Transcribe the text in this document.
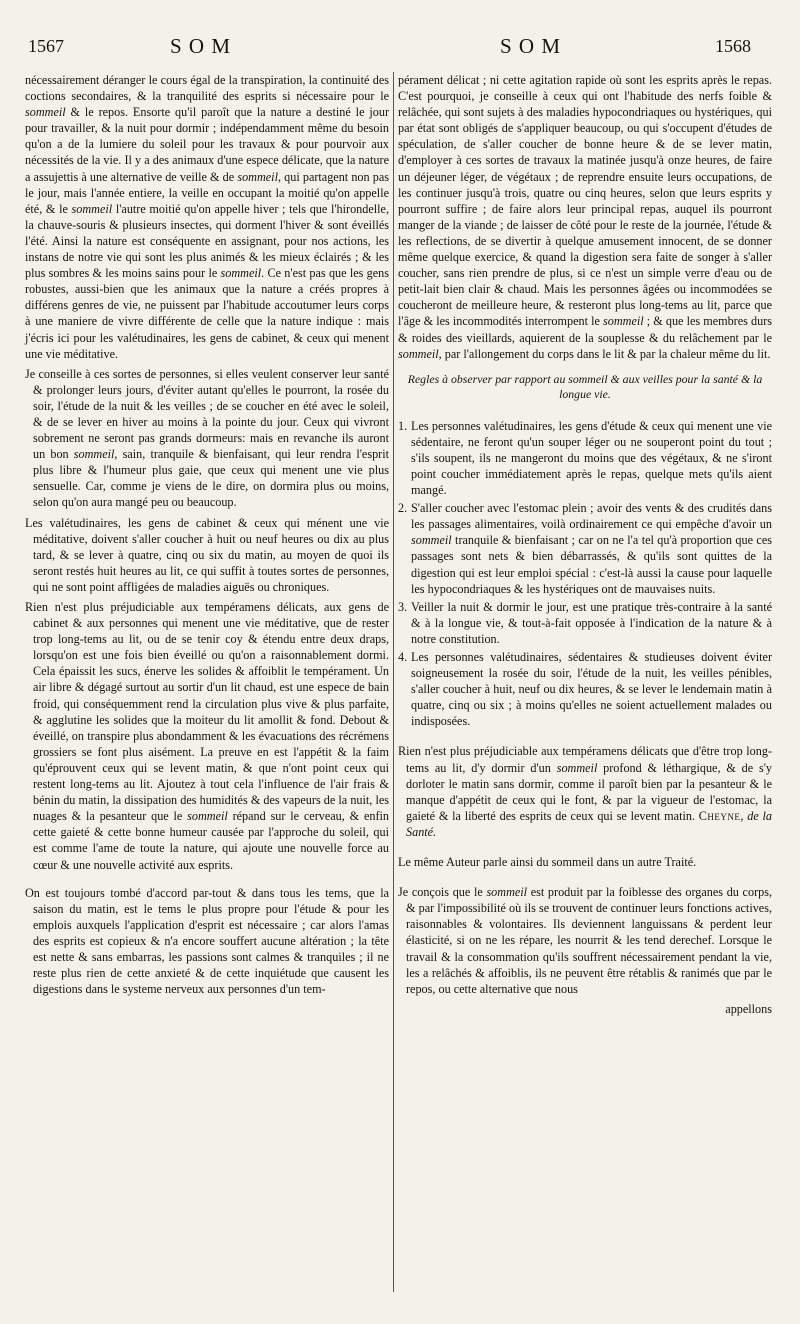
1567	S O M	S O M	1568

nécessairement déranger le cours égal de la transpiration, la continuité des coctions secondaires, & la tranquilité des esprits si nécessaire pour le sommeil & le repos. Ensorte qu'il paroît que la nature a destiné le jour pour travailler, & la nuit pour dormir ; indépendamment même du besoin qu'on a de la lumiere du soleil pour les travaux & pour pourvoir aux nécessités de la vie. Il y a des animaux d'une espece délicate, que la nature a assujettis à une alternative de veille & de sommeil, qui partagent non pas le jour, mais l'année entiere, la veille en occupant la moitié qu'on appelle été, & le sommeil l'autre moitié qu'on appelle hiver ; tels que l'hirondelle, la chauve-souris & plusieurs insectes, qui dorment l'hiver & sont éveillés l'été. Ainsi la nature est conséquente en assignant, pour nos actions, les instans de notre vie qui sont les plus animés & les mieux éclairés ; & les plus sombres & les moins sains pour le sommeil. Ce n'est pas que les gens robustes, aussi-bien que les animaux que la nature a créés propres à différens genres de vie, ne puissent par l'habitude accoutumer leurs corps à une maniere de vivre différente de celle que la nature indique : mais j'écris ici pour les valétudinaires, les gens de cabinet, & ceux qui menent une vie méditative.

Je conseille à ces sortes de personnes, si elles veulent conserver leur santé & prolonger leurs jours, d'éviter autant qu'elles le pourront, la rosée du soir, l'étude de la nuit & les veilles ; de se coucher en été avec le soleil, & de se lever en hiver au moins à la pointe du jour. Ceux qui vivront sobrement ne seront pas grands dormeurs: mais en revanche ils auront un bon sommeil, sain, tranquile & bienfaisant, qui leur rendra l'esprit plus libre & l'humeur plus gaie, que ceux qui menent une vie plus sensuelle. Car, comme je viens de le dire, on dormira plus ou moins, selon qu'on aura mangé peu ou beaucoup.

Les valétudinaires, les gens de cabinet & ceux qui ménent une vie méditative, doivent s'aller coucher à huit ou neuf heures ou dix au plus tard, & se lever à quatre, cinq ou six du matin, au moyen de quoi ils seront restés huit heures au lit, ce qui suffit à toutes sortes de personnes, qui ne sont point affligées de maladies aiguës ou chroniques.

Rien n'est plus préjudiciable aux tempéramens délicats, aux gens de cabinet & aux personnes qui menent une vie méditative, que de rester trop long-tems au lit, ou de se tenir coy & étendu entre deux draps, lorsqu'on est une fois bien éveillé ou qu'on a raisonnablement dormi. Cela épaissit les sucs, énerve les solides & affoiblit le tempérament. Un air libre & dégagé surtout au sortir d'un lit chaud, est une espece de bain froid, qui conséquemment rend la circulation plus vive & plus parfaite, & agglutine les solides que la moiteur du lit amollit & fond. Debout & éveillé, on transpire plus abondamment & les évacuations des récrémens grossiers se font plus aisément. La preuve en est l'appétit & la faim qu'éprouvent ceux qui se levent matin, & que n'ont point ceux qui restent long-tems au lit. Ajoutez à tout cela l'influence de l'air frais & bénin du matin, la dissipation des humidités & des vapeurs de la nuit, les nuages & la pesanteur que le sommeil répand sur le cerveau, & enfin cette gaieté & cette bonne humeur causée par l'approche du soleil, qui est comme l'ame de toute la nature, qui ajoute une nouvelle force au cœur & une nouvelle activité aux esprits.

On est toujours tombé d'accord par-tout & dans tous les tems, que la saison du matin, est le tems le plus propre pour l'étude & pour les emplois auxquels l'application d'esprit est nécessaire ; car alors l'amas des esprits est copieux & n'a encore souffert aucune altération ; la tête est nette & sans embarras, les passions sont calmes & tranquiles ; il ne reste plus rien de cette anxieté & de cette inquiétude que causent les digestions dans le systeme nerveux aux personnes d'un tem-

pérament délicat ; ni cette agitation rapide où sont les esprits après le repas. C'est pourquoi, je conseille à ceux qui ont l'habitude des nerfs foible & relâchée, qui sont sujets à des maladies hypocondriaques ou hystériques, qui par état sont obligés de s'appliquer beaucoup, ou qui s'occupent d'études de spéculation, de s'aller coucher de bonne heure & de se lever matin, d'employer à ces sortes de travaux la matinée jusqu'à onze heures, de faire un déjeuner léger, de végétaux ; de reprendre ensuite leurs occupations, de les continuer jusqu'à trois, quatre ou cinq heures, selon que leurs esprits y pourront suffire ; de faire alors leur principal repas, auquel ils pourront manger de la viande ; de laisser de côté pour le reste de la journée, l'étude & les reflections, de se divertir à quelque amusement innocent, de se donner même quelque exercice, & quand la digestion sera faite de songer à s'aller coucher, sans rien prendre de plus, si ce n'est un simple verre d'eau ou de petit-lait bien clair & chaud. Mais les personnes âgées ou incommodées se coucheront de meilleure heure, & resteront plus long-tems au lit, parce que l'âge & les incommodités interrompent le sommeil ; & que les membres durs & roides des vieillards, aquierent de la souplesse & du relâchement par le sommeil, par l'allongement du corps dans le lit & par la chaleur même du lit.

Regles à observer par rapport au sommeil & aux veilles pour la santé & la longue vie.

1. Les personnes valétudinaires, les gens d'étude & ceux qui menent une vie sédentaire, ne feront qu'un souper léger ou ne souperont point du tout ; s'ils soupent, ils ne mangeront du moins que des végétaux, & ne s'iront point coucher immédiatement après le repas, quelque mets qu'ils aient mangé.
2. S'aller coucher avec l'estomac plein ; avoir des vents & des crudités dans les passages alimentaires, voilà ordinairement ce qui empêche d'avoir un sommeil tranquile & bienfaisant ; car on ne l'a tel qu'à proportion que ces passages sont nets & bien débarrassés, & qu'ils sont quittes de la digestion qui est leur emploi spécial : c'est-là aussi la cause pour laquelle les hypocondriaques & les hystériques ont de mauvaises nuits.
3. Veiller la nuit & dormir le jour, est une pratique très-contraire à la santé & à la longue vie, & tout-à-fait opposée à l'indication de la nature & à notre constitution.
4. Les personnes valétudinaires, sédentaires & studieuses doivent éviter soigneusement la rosée du soir, l'étude de la nuit, les veilles pénibles, s'aller coucher à huit, neuf ou dix heures, & se lever le lendemain matin à quatre, cinq ou six ; à moins qu'elles ne soient actuellement malades ou indisposées.

Rien n'est plus préjudiciable aux tempéramens délicats que d'être trop long-tems au lit, d'y dormir d'un sommeil profond & léthargique, & de s'y dorloter le matin sans dormir, comme il paroît bien par la pesanteur & le manque d'appétit de ceux qui le font, & par la vigueur de l'estomac, la gaieté & la liberté des esprits de ceux qui se levent matin. Cheyne, de la Santé.

Le même Auteur parle ainsi du sommeil dans un autre Traité.

Je conçois que le sommeil est produit par la foiblesse des organes du corps, & par l'impossibilité où ils se trouvent de continuer leurs fonctions actives, raisonnables & volontaires. Ils deviennent languissans & perdent leur élasticité, si on ne les répare, les nourrit & les tend derechef. Lorsque le travail & la consommation qu'ils souffrent nécessairement pendant la vie, les a relâchés & affoiblis, ils ne peuvent être rétablis & ranimés que par le repos, ou cette alternative que nous

appellons
